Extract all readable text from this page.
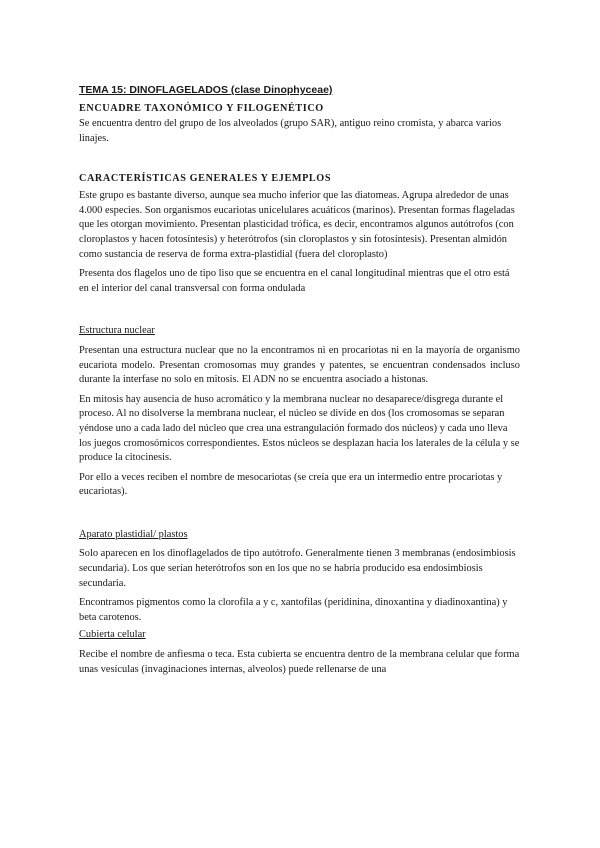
TEMA 15: DINOFLAGELADOS (clase Dinophyceae)
ENCUADRE TAXONÓMICO Y FILOGENÉTICO

Se encuentra dentro del grupo de los alveolados (grupo SAR), antiguo reino cromista, y abarca varios linajes.

CARACTERÍSTICAS GENERALES Y EJEMPLOS

Este grupo es bastante diverso, aunque sea mucho inferior que las diatomeas. Agrupa alrededor de unas 4.000 especies. Son organismos eucariotas unicelulares acuáticos (marinos). Presentan formas flageladas que les otorgan movimiento. Presentan plasticidad trófica, es decir, encontramos algunos autótrofos (con cloroplastos y hacen fotosíntesis) y heterótrofos (sin cloroplastos y sin fotosíntesis). Presentan almidón como sustancia de reserva de forma extra-plastidial (fuera del cloroplasto)

Presenta dos flagelos uno de tipo liso que se encuentra en el canal longitudinal mientras que el otro está en el interior del canal transversal con forma ondulada

Estructura nuclear

Presentan una estructura nuclear que no la encontramos ni en procariotas ni en la mayoría de organismo eucariota modelo. Presentan cromosomas muy grandes y patentes, se encuentran condensados incluso durante la interfase no solo en mitosis. El ADN no se encuentra asociado a histonas.

En mitosis hay ausencia de huso acromático y la membrana nuclear no desaparece/disgrega durante el proceso. Al no disolverse la membrana nuclear, el núcleo se divide en dos (los cromosomas se separan yéndose uno a cada lado del núcleo que crea una estrangulación formado dos núcleos) y cada uno lleva los juegos cromosómicos correspondientes. Estos núcleos se desplazan hacia los laterales de la célula y se produce la citocinesis.

Por ello a veces reciben el nombre de mesocariotas (se creía que era un intermedio entre procariotas y eucariotas).

Aparato plastidial/ plastos

Solo aparecen en los dinoflagelados de tipo autótrofo. Generalmente tienen 3 membranas (endosimbiosis secundaria). Los que serían heterótrofos son en los que no se habría producido esa endosimbiosis secundaria.

Encontramos pigmentos como la clorofila a y c, xantofilas (peridinina, dinoxantina y diadinoxantina) y beta carotenos.

Cubierta celular

Recibe el nombre de anfiesma o teca. Esta cubierta se encuentra dentro de la membrana celular que forma unas vesículas (invaginaciones internas, alveolos) puede rellenarse de una
